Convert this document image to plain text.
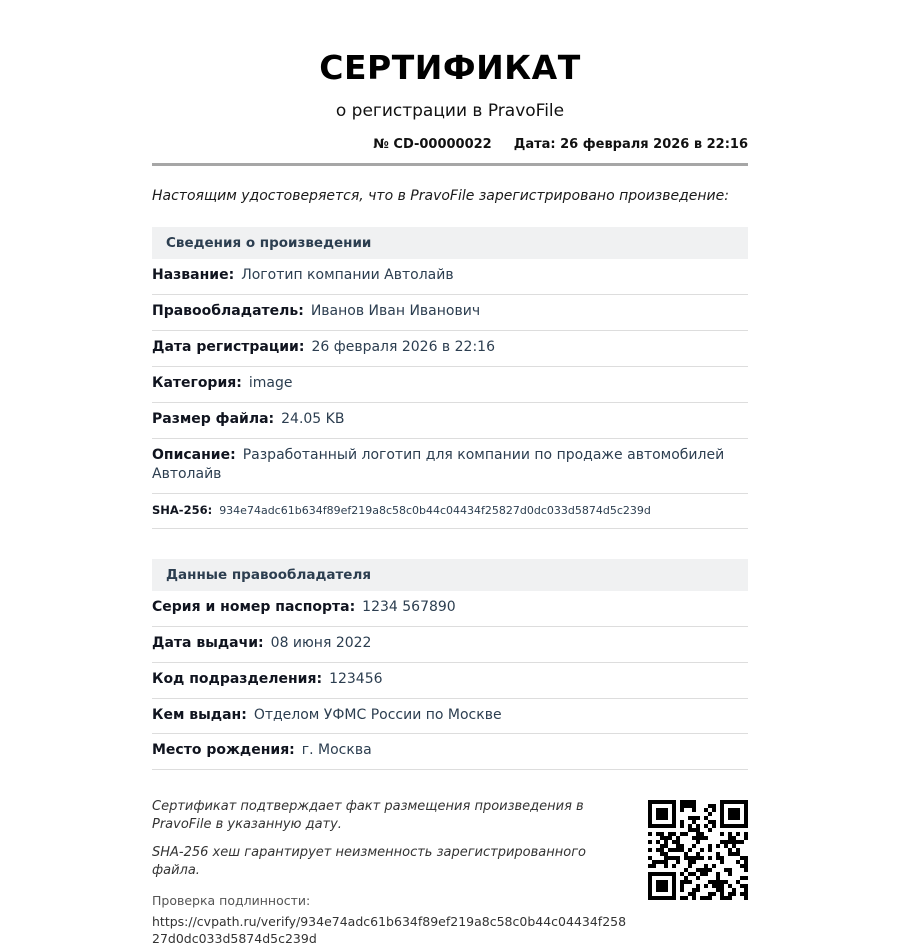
СЕРТИФИКАТ
о регистрации в PravoFile
№ CD-00000022 Дата: 26 февраля 2026 в 22:16
Настоящим удостоверяется, что в PravoFile зарегистрировано произведение:
Сведения о произведении
Название: Логотип компании Автолайв
Правообладатель: Иванов Иван Иванович
Дата регистрации: 26 февраля 2026 в 22:16
Категория: image
Размер файла: 24.05 KB
Описание: Разработанный логотип для компании по продаже автомобилей Автолайв
SHA-256: 934e74adc61b634f89ef219a8c58c0b44c04434f25827d0dc033d5874d5c239d
Данные правообладателя
Серия и номер паспорта: 1234 567890
Дата выдачи: 08 июня 2022
Код подразделения: 123456
Кем выдан: Отделом УФМС России по Москве
Место рождения: г. Москва

Сертификат подтверждает факт размещения произведения в PravoFile в указанную дату.

SHA-256 хеш гарантирует неизменность зарегистрированного файла.

Проверка подлинности:
https://cvpath.ru/verify/934e74adc61b634f89ef219a8c58c0b44c04434f25827d0dc033d5874d5c239d
